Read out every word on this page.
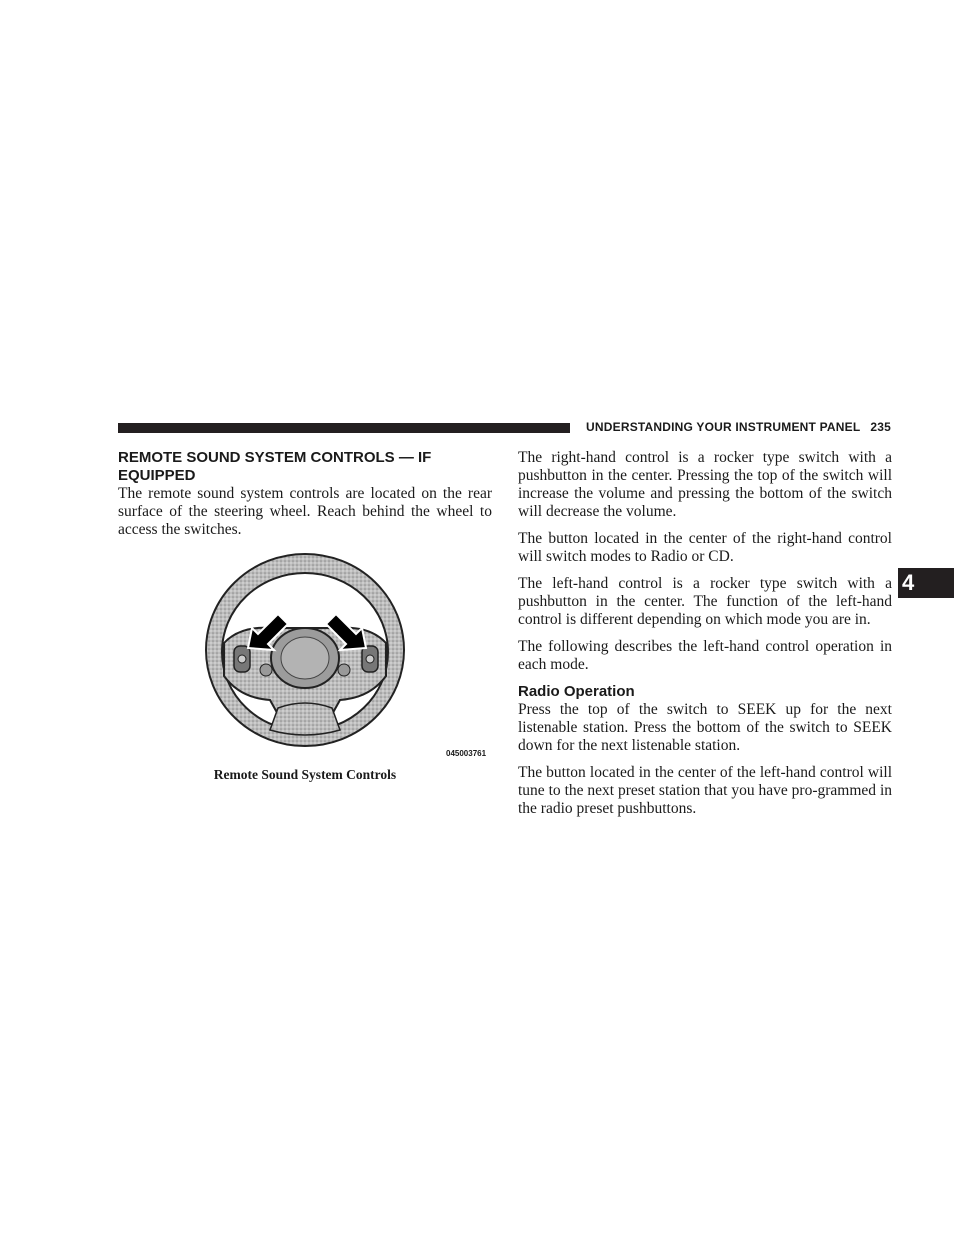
UNDERSTANDING YOUR INSTRUMENT PANEL 235
4
REMOTE SOUND SYSTEM CONTROLS — IF EQUIPPED

The remote sound system controls are located on the rear surface of the steering wheel. Reach behind the wheel to access the switches.

045003761
Remote Sound System Controls

The right-hand control is a rocker type switch with a pushbutton in the center. Pressing the top of the switch will increase the volume and pressing the bottom of the switch will decrease the volume.

The button located in the center of the right-hand control will switch modes to Radio or CD.

The left-hand control is a rocker type switch with a pushbutton in the center. The function of the left-hand control is different depending on which mode you are in.

The following describes the left-hand control operation in each mode.

Radio Operation

Press the top of the switch to SEEK up for the next listenable station. Press the bottom of the switch to SEEK down for the next listenable station.

The button located in the center of the left-hand control will tune to the next preset station that you have pro-grammed in the radio preset pushbuttons.
